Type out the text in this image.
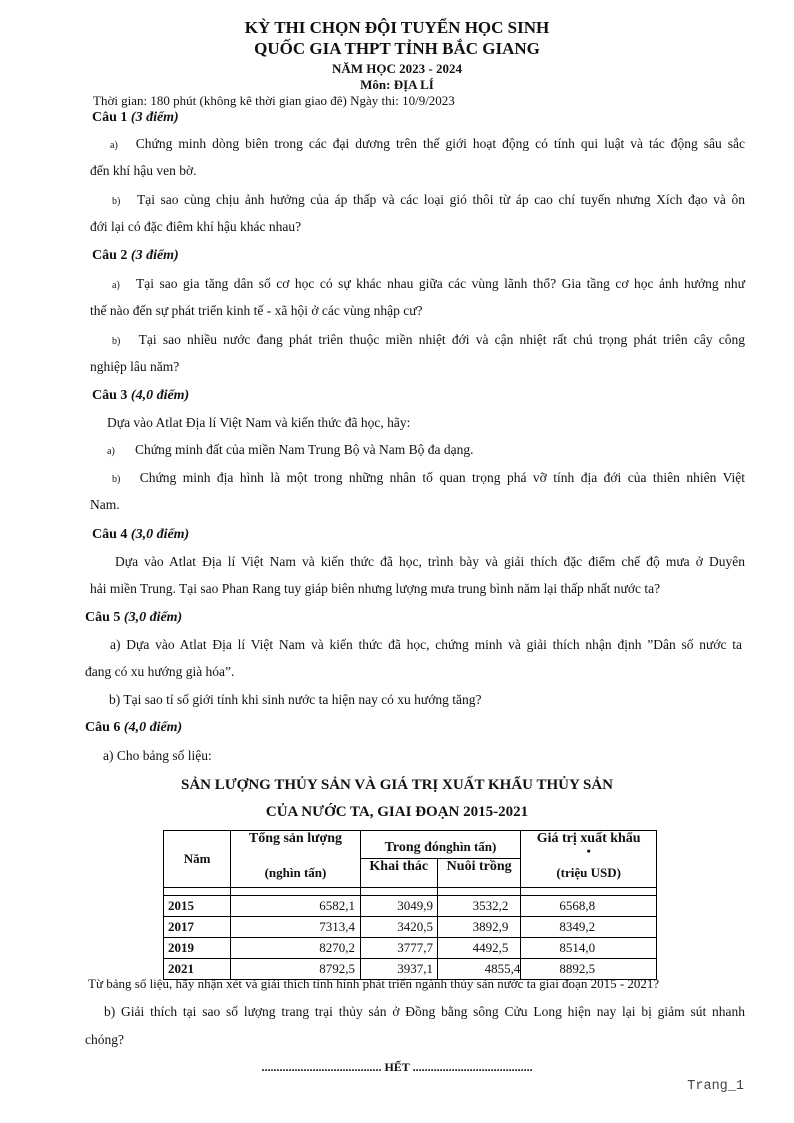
KỲ THI CHỌN ĐỘI TUYỂN HỌC SINH
QUỐC GIA THPT TỈNH BẮC GIANG
NĂM HỌC 2023 - 2024
Môn: ĐỊA LÍ
Thời gian: 180 phút (không kê thời gian giao đê) Ngày thi: 10/9/2023
Câu 1 (3 điểm)
a) Chứng minh dòng biên trong các đại dương trên thế giới hoạt động có tính qui luật và tác động sâu sắc
đến khí hậu ven bờ.
b) Tại sao cùng chịu ảnh hưởng của áp thấp và các loại gió thôi từ áp cao chí tuyến nhưng Xích đạo và ôn
đới lại có đặc điêm khí hậu khác nhau?
Câu 2 (3 điểm)
a) Tại sao gia tăng dân số cơ học có sự khác nhau giữa các vùng lãnh thổ? Gia tầng cơ học ảnh hưởng như
thế nào đến sự phát triển kinh tế - xã hội ở các vùng nhập cư?
b) Tại sao nhiều nước đang phát triên thuộc miền nhiệt đới và cận nhiệt rất chú trọng phát triên cây công
nghiệp lâu năm?
Câu 3 (4,0 điểm)
Dựa vào Atlat Địa lí Việt Nam và kiến thức đã học, hãy:
a) Chứng minh đất của miền Nam Trung Bộ và Nam Bộ đa dạng.
b) Chứng minh địa hình là một trong những nhân tố quan trọng phá vỡ tính địa đới của thiên nhiên Việt
Nam.
Câu 4 (3,0 điểm)
Dựa vào Atlat Địa lí Việt Nam và kiến thức đã học, trình bày và giải thích đặc điểm chế độ mưa ở Duyên
hải miền Trung. Tại sao Phan Rang tuy giáp biên nhưng lượng mưa trung bình năm lại thấp nhất nước ta?
Câu 5 (3,0 điểm)
a) Dựa vào Atlat Địa lí Việt Nam và kiến thức đã học, chứng minh và giải thích nhận định ”Dân số nước ta
đang có xu hướng già hóa”.
b) Tại sao tỉ số giới tính khi sinh nước ta hiện nay có xu hướng tăng?
Câu 6 (4,0 điểm)
a) Cho bảng số liệu:
SẢN LƯỢNG THỦY SẢN VÀ GIÁ TRỊ XUẤT KHẨU THỦY SẢN
CỦA NƯỚC TA, GIAI ĐOẠN 2015-2021
Năm	Tổng sản lượng	Trong đónghìn tấn)		Giá trị xuất khẩu
•

	(nghìn tấn)	Khai thác	Nuôi trồng	(triệu USD)

2015	6582,1	3049,9	3532,2	6568,8
2017	7313,4	3420,5	3892,9	8349,2
2019	8270,2	3777,7	4492,5	8514,0
2021	8792,5	3937,1	4855,4	8892,5
Từ bảng số liệu, hãy nhận xét và giải thích tình hình phát triển ngành thủy sản nước ta giai đoạn 2015 - 2021?
b) Giải thích tại sao số lượng trang trại thủy sản ở Đồng bằng sông Cửu Long hiện nay lại bị giảm sút nhanh
chóng?
........................................ HẾT ........................................
Trang_1
